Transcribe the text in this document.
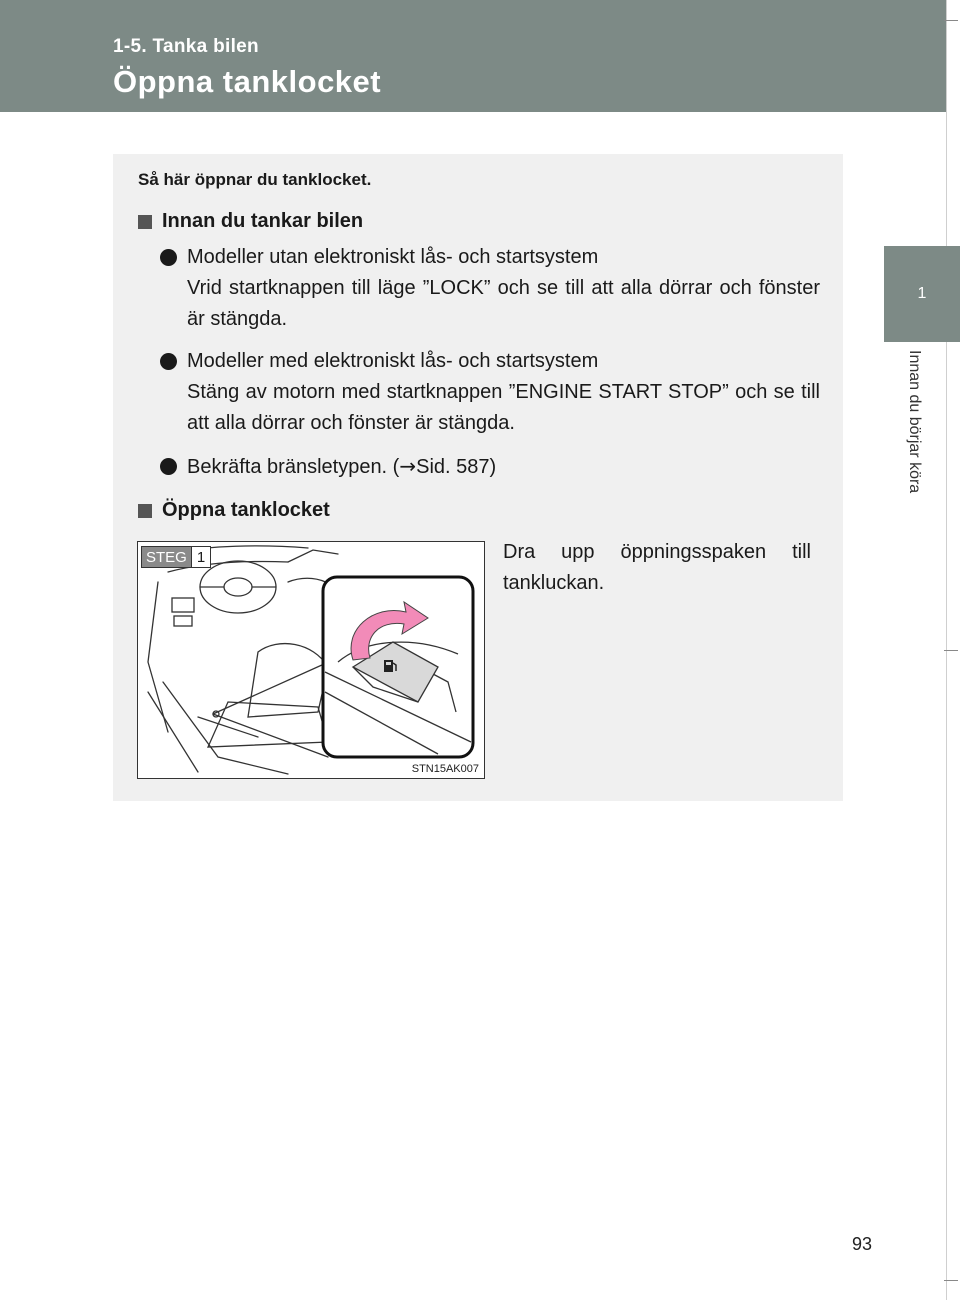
1-5. Tanka bilen
Öppna tanklocket
1
Innan du börjar köra
Så här öppnar du tanklocket.
Innan du tankar bilen
Modeller utan elektroniskt lås- och startsystem
Vrid startknappen till läge ”LOCK” och se till att alla dörrar och fönster är stängda.
Modeller med elektroniskt lås- och startsystem
Stäng av motorn med startknappen ”ENGINE START STOP” och se till att alla dörrar och fönster är stängda.
Bekräfta bränsletypen. (→Sid. 587)
Öppna tanklocket
STEG 1
STN15AK007
Dra upp öppningsspaken till tankluckan.
93
